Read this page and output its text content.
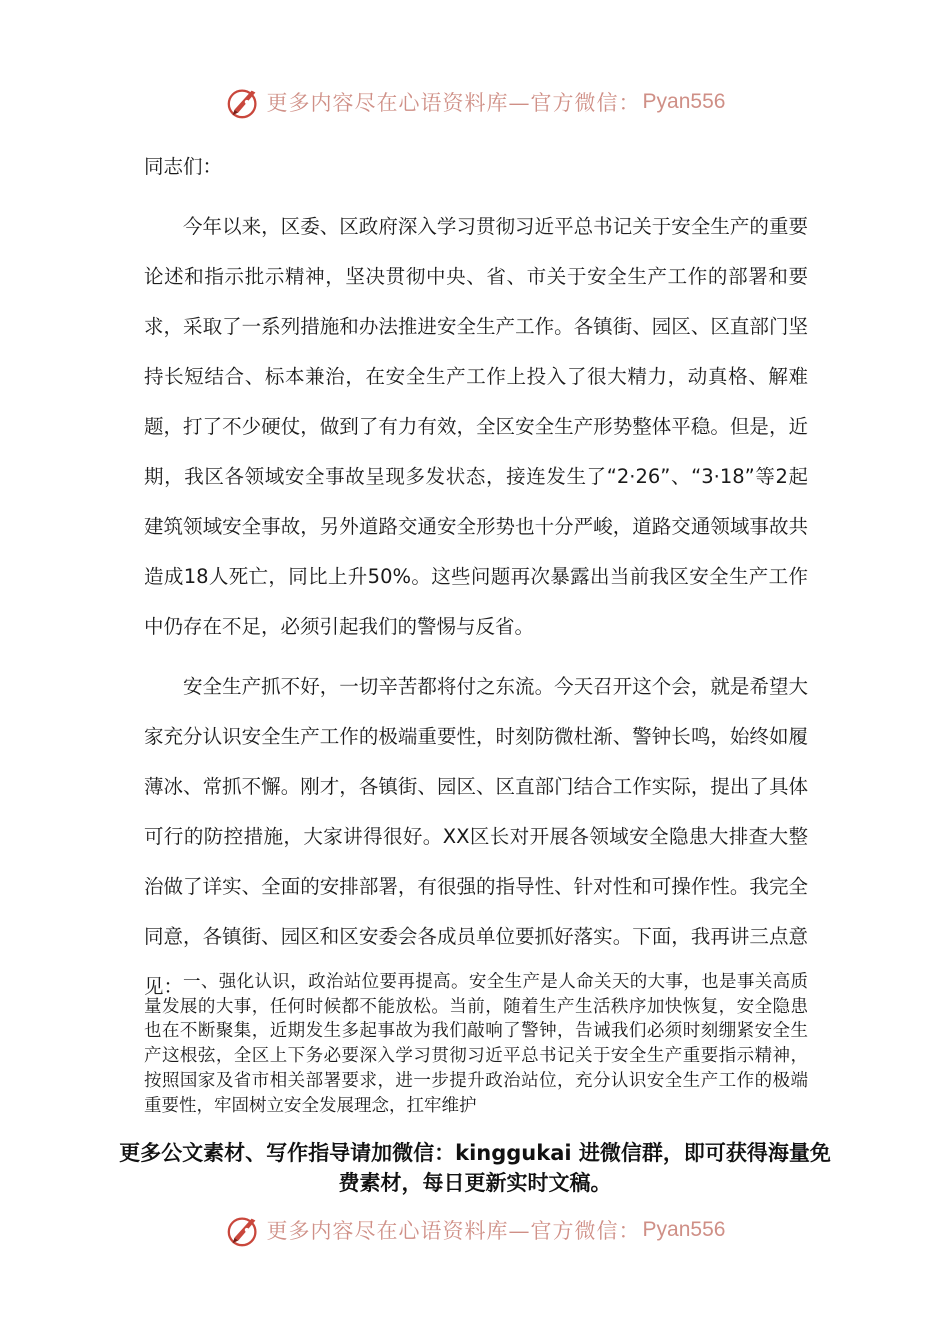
更多内容尽在心语资料库—官方微信： Pyan556

同志们：

今年以来，区委、区政府深入学习贯彻习近平总书记关于安全生产的重要论述和指示批示精神，坚决贯彻中央、省、市关于安全生产工作的部署和要求，采取了一系列措施和办法推进安全生产工作。各镇街、园区、区直部门坚持长短结合、标本兼治，在安全生产工作上投入了很大精力，动真格、解难题，打了不少硬仗，做到了有力有效，全区安全生产形势整体平稳。但是，近期，我区各领域安全事故呈现多发状态，接连发生了“2·26”、“3·18”等2起建筑领域安全事故，另外道路交通安全形势也十分严峻，道路交通领域事故共造成18人死亡，同比上升50%。这些问题再次暴露出当前我区安全生产工作中仍存在不足，必须引起我们的警惕与反省。

安全生产抓不好，一切辛苦都将付之东流。今天召开这个会，就是希望大家充分认识安全生产工作的极端重要性，时刻防微杜渐、警钟长鸣，始终如履薄冰、常抓不懈。刚才，各镇街、园区、区直部门结合工作实际，提出了具体可行的防控措施，大家讲得很好。XX区长对开展各领域安全隐患大排查大整治做了详实、全面的安排部署，有很强的指导性、针对性和可操作性。我完全同意，各镇街、园区和区安委会各成员单位要抓好落实。下面，我再讲三点意见： 一、强化认识，政治站位要再提高。安全生产是人命关天的大事，也是事关高质量发展的大事，任何时候都不能放松。当前，随着生产生活秩序加快恢复，安全隐患也在不断聚集，近期发生多起事故为我们敲响了警钟，告诫我们必须时刻绷紧安全生产这根弦，全区上下务必要深入学习贯彻习近平总书记关于安全生产重要指示精神，按照国家及省市相关部署要求，进一步提升政治站位，充分认识安全生产工作的极端重要性，牢固树立安全发展理念，扛牢维护

更多公文素材、写作指导请加微信：kinggukai 进微信群，即可获得海量免费素材，每日更新实时文稿。

更多内容尽在心语资料库—官方微信： Pyan556
